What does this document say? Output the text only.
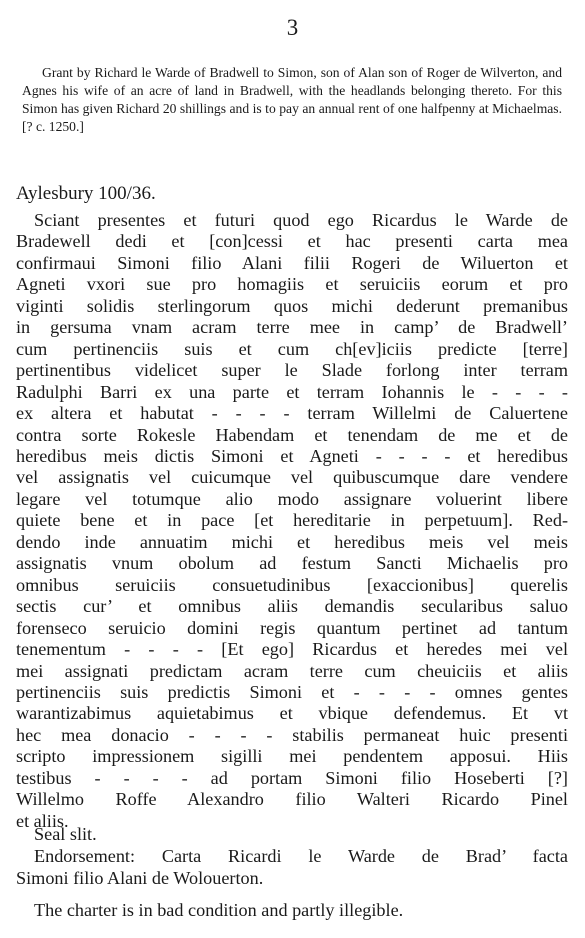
3

Grant by Richard le Warde of Bradwell to Simon, son of Alan son of Roger de Wilverton, and Agnes his wife of an acre of land in Bradwell, with the headlands belonging thereto. For this Simon has given Richard 20 shillings and is to pay an annual rent of one halfpenny at Michaelmas. [? c. 1250.]

Aylesbury 100/36.

Sciant presentes et futuri quod ego Ricardus le Warde de
Bradewell dedi et [con]cessi et hac presenti carta mea
confirmaui Simoni filio Alani filii Rogeri de Wiluerton et
Agneti vxori sue pro homagiis et seruiciis eorum et pro
viginti solidis sterlingorum quos michi dederunt premanibus
in gersuma vnam acram terre mee in camp’ de Bradwell’
cum pertinenciis suis et cum ch[ev]iciis predicte [terre]
pertinentibus videlicet super le Slade forlong inter terram
Radulphi Barri ex una parte et terram Iohannis le - - - -
ex altera et habutat - - - - terram Willelmi de Caluertene
contra sorte Rokesle Habendam et tenendam de me et de
heredibus meis dictis Simoni et Agneti - - - - et heredibus
vel assignatis vel cuicumque vel quibuscumque dare vendere
legare vel totumque alio modo assignare voluerint libere
quiete bene et in pace [et hereditarie in perpetuum]. Red-
dendo inde annuatim michi et heredibus meis vel meis
assignatis vnum obolum ad festum Sancti Michaelis pro
omnibus seruiciis consuetudinibus [exaccionibus] querelis
sectis cur’ et omnibus aliis demandis secularibus saluo
forenseco seruicio domini regis quantum pertinet ad tantum
tenementum - - - - [Et ego] Ricardus et heredes mei vel
mei assignati predictam acram terre cum cheuiciis et aliis
pertinenciis suis predictis Simoni et - - - - omnes gentes
warantizabimus aquietabimus et vbique defendemus. Et vt
hec mea donacio - - - - stabilis permaneat huic presenti
scripto impressionem sigilli mei pendentem apposui. Hiis
testibus - - - - ad portam Simoni filio Hoseberti [?]
Willelmo Roffe Alexandro filio Walteri Ricardo Pinel
et aliis.

Seal slit.

Endorsement: Carta Ricardi le Warde de Brad’ facta
Simoni filio Alani de Wolouerton.

The charter is in bad condition and partly illegible.
